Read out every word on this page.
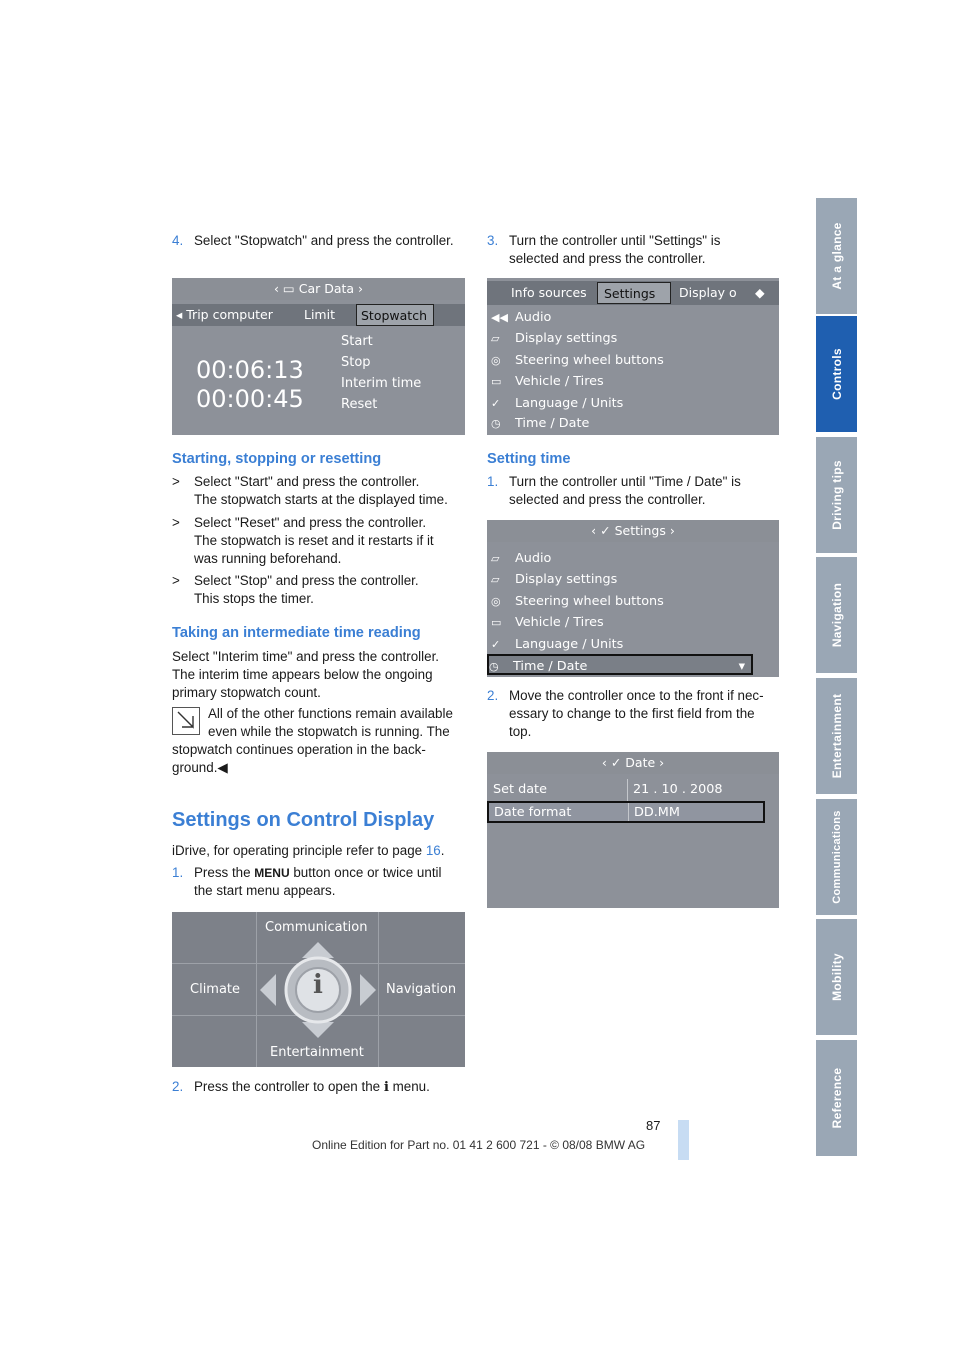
4. Select "Stopwatch" and press the controller.
‹ ▭ Car Data ›
◂ Trip computer Limit	Stopwatch
00:06:13
00:00:45
Start
Stop
Interim time
Reset
Starting, stopping or resetting
> Select "Start" and press the controller.
The stopwatch starts at the displayed time.
> Select "Reset" and press the controller.
The stopwatch is reset and it restarts if it
was running beforehand.
> Select "Stop" and press the controller.
This stops the timer.
Taking an intermediate time reading
Select "Interim time" and press the controller.
The interim time appears below the ongoing
primary stopwatch count.
All of the other functions remain available
even while the stopwatch is running. The
stopwatch continues operation in the back-
ground.◀
Settings on Control Display
iDrive, for operating principle refer to page 16.
1. Press the MENU button once or twice until
the start menu appears.
i
Communication
Climate	Navigation
Entertainment
2. Press the controller to open the i menu.
3. Turn the controller until "Settings" is
selected and press the controller.
Info sources	Settings	Display o ◆
◀◀ Audio
▱ Display settings
◎ Steering wheel buttons
▭ Vehicle / Tires
✓ Language / Units
◷ Time / Date
Setting time
1. Turn the controller until "Time / Date" is
selected and press the controller.
‹ ✓ Settings ›
▱ Audio
▱ Display settings
◎ Steering wheel buttons
▭ Vehicle / Tires
✓ Language / Units
◷ Time / Date	▾
2. Move the controller once to the front if nec-
essary to change to the first field from the
top.
‹ ✓ Date ›
Set date	21 . 10 . 2008
Date format	DD.MM
87
Online Edition for Part no. 01 41 2 600 721 - © 08/08 BMW AG
At a glance
Controls
Driving tips
Navigation
Entertainment
Communications
Mobility
Reference
